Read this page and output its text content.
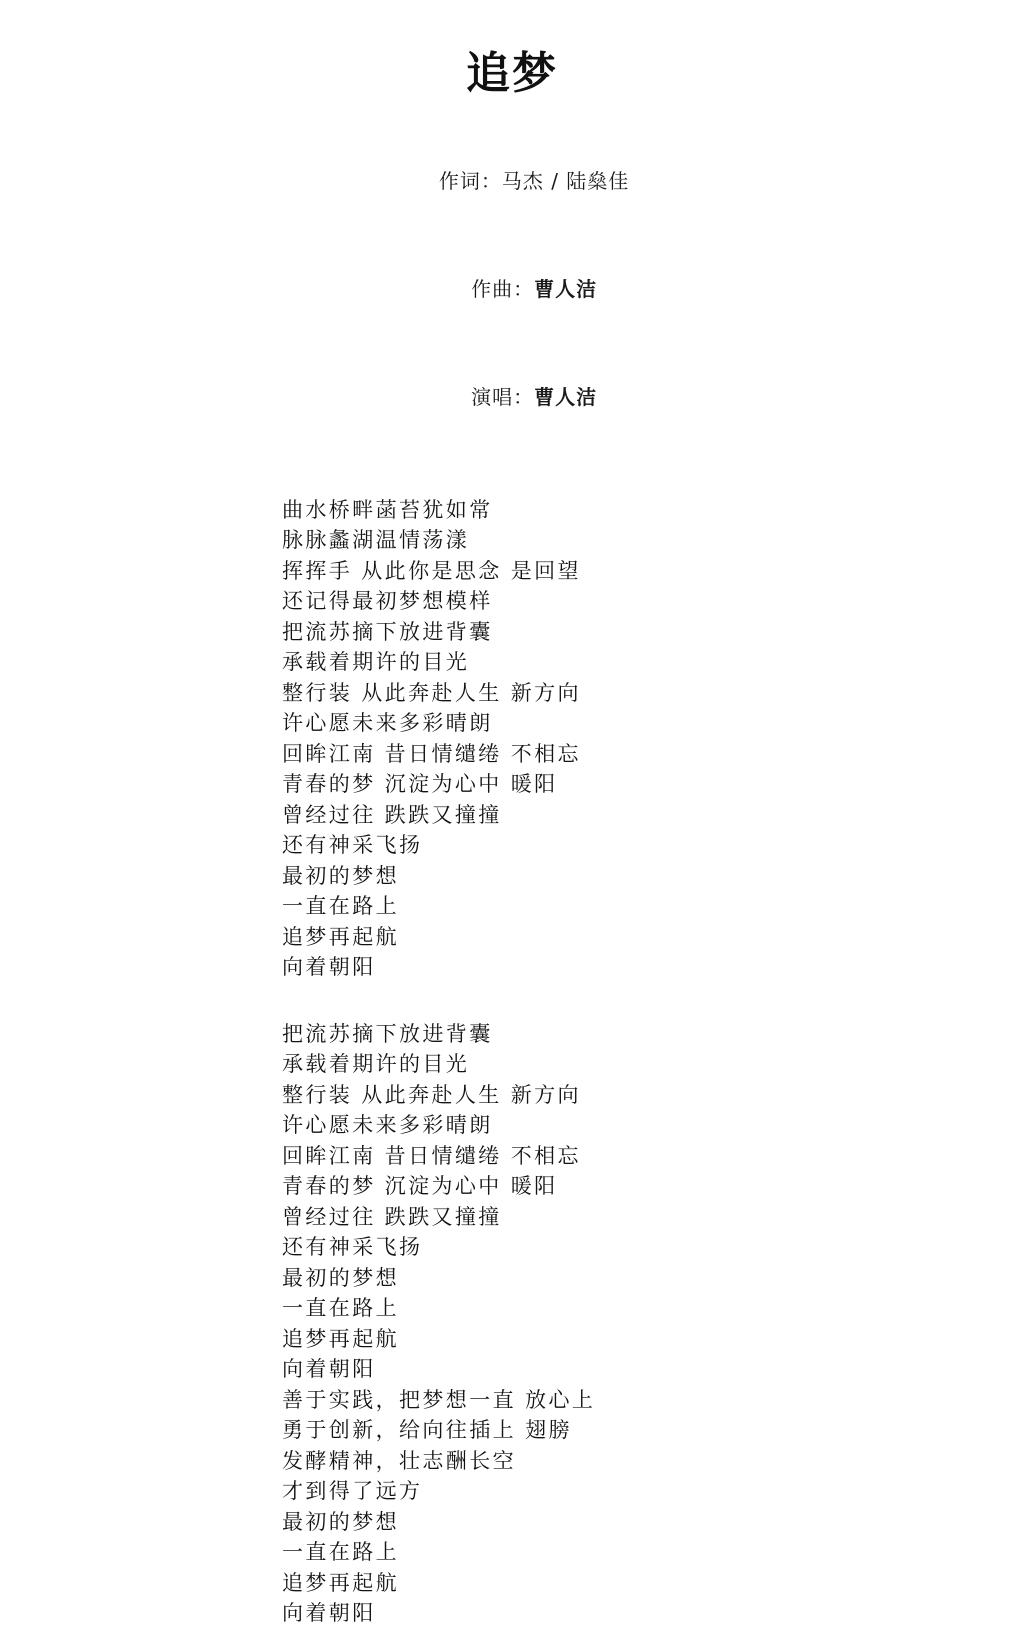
追梦

作词：马杰 / 陆燊佳

作曲：曹人洁

演唱：曹人洁

曲水桥畔菡苔犹如常
脉脉蠡湖温情荡漾
挥挥手 从此你是思念 是回望
还记得最初梦想模样
把流苏摘下放进背囊
承载着期许的目光
整行装 从此奔赴人生 新方向
许心愿未来多彩晴朗
回眸江南 昔日情缱绻 不相忘
青春的梦 沉淀为心中 暖阳
曾经过往 跌跌又撞撞
还有神采飞扬
最初的梦想
一直在路上
追梦再起航
向着朝阳
把流苏摘下放进背囊
承载着期许的目光
整行装 从此奔赴人生 新方向
许心愿未来多彩晴朗
回眸江南 昔日情缱绻 不相忘
青春的梦 沉淀为心中 暖阳
曾经过往 跌跌又撞撞
还有神采飞扬
最初的梦想
一直在路上
追梦再起航
向着朝阳
善于实践，把梦想一直 放心上
勇于创新，给向往插上 翅膀
发酵精神，壮志酬长空
才到得了远方
最初的梦想
一直在路上
追梦再起航
向着朝阳
